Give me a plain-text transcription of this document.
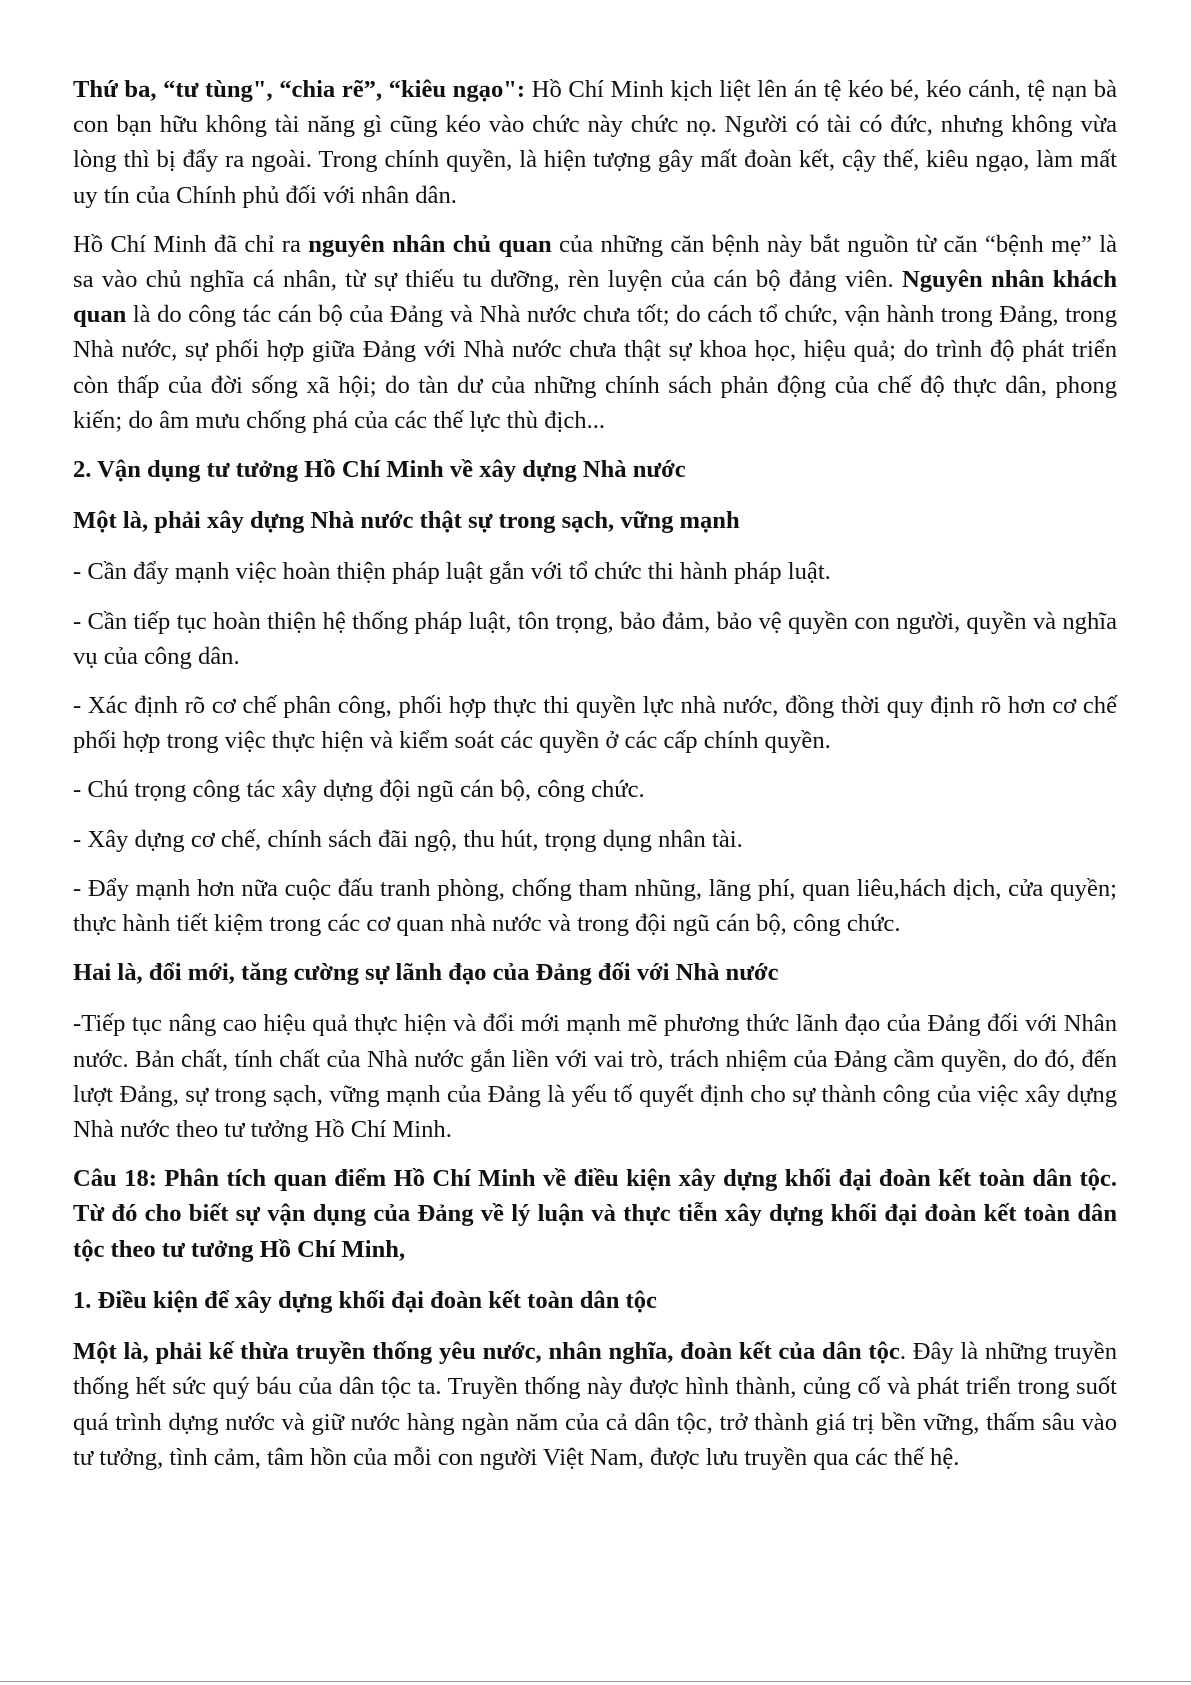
Thứ ba, “tư tùng", “chia rẽ”, “kiêu ngạo": Hồ Chí Minh kịch liệt lên án tệ kéo bé, kéo cánh, tệ nạn bà con bạn hữu không tài năng gì cũng kéo vào chức này chức nọ. Người có tài có đức, nhưng không vừa lòng thì bị đẩy ra ngoài. Trong chính quyền, là hiện tượng gây mất đoàn kết, cậy thế, kiêu ngạo, làm mất uy tín của Chính phủ đối với nhân dân.

Hồ Chí Minh đã chỉ ra nguyên nhân chủ quan của những căn bệnh này bắt nguồn từ căn “bệnh mẹ” là sa vào chủ nghĩa cá nhân, từ sự thiếu tu dưỡng, rèn luyện của cán bộ đảng viên. Nguyên nhân khách quan là do công tác cán bộ của Đảng và Nhà nước chưa tốt; do cách tổ chức, vận hành trong Đảng, trong Nhà nước, sự phối hợp giữa Đảng với Nhà nước chưa thật sự khoa học, hiệu quả; do trình độ phát triển còn thấp của đời sống xã hội; do tàn dư của những chính sách phản động của chế độ thực dân, phong kiến; do âm mưu chống phá của các thế lực thù địch...

2. Vận dụng tư tưởng Hồ Chí Minh về xây dựng Nhà nước

Một là, phải xây dựng Nhà nước thật sự trong sạch, vững mạnh

- Cần đẩy mạnh việc hoàn thiện pháp luật gắn với tổ chức thi hành pháp luật.

- Cần tiếp tục hoàn thiện hệ thống pháp luật, tôn trọng, bảo đảm, bảo vệ quyền con người, quyền và nghĩa vụ của công dân.

- Xác định rõ cơ chế phân công, phối hợp thực thi quyền lực nhà nước, đồng thời quy định rõ hơn cơ chế phối hợp trong việc thực hiện và kiểm soát các quyền ở các cấp chính quyền.

- Chú trọng công tác xây dựng đội ngũ cán bộ, công chức.

- Xây dựng cơ chế, chính sách đãi ngộ, thu hút, trọng dụng nhân tài.

- Đẩy mạnh hơn nữa cuộc đấu tranh phòng, chống tham nhũng, lãng phí, quan liêu,hách dịch, cửa quyền; thực hành tiết kiệm trong các cơ quan nhà nước và trong đội ngũ cán bộ, công chức.

Hai là, đổi mới, tăng cường sự lãnh đạo của Đảng đối với Nhà nước

-Tiếp tục nâng cao hiệu quả thực hiện và đổi mới mạnh mẽ phương thức lãnh đạo của Đảng đối với Nhân nước. Bản chất, tính chất của Nhà nước gắn liền với vai trò, trách nhiệm của Đảng cầm quyền, do đó, đến lượt Đảng, sự trong sạch, vững mạnh của Đảng là yếu tố quyết định cho sự thành công của việc xây dựng Nhà nước theo tư tưởng Hồ Chí Minh.

Câu 18: Phân tích quan điểm Hồ Chí Minh về điều kiện xây dựng khối đại đoàn kết toàn dân tộc. Từ đó cho biết sự vận dụng của Đảng về lý luận và thực tiễn xây dựng khối đại đoàn kết toàn dân tộc theo tư tưởng Hồ Chí Minh,

1. Điều kiện để xây dựng khối đại đoàn kết toàn dân tộc

Một là, phải kế thừa truyền thống yêu nước, nhân nghĩa, đoàn kết của dân tộc. Đây là những truyền thống hết sức quý báu của dân tộc ta. Truyền thống này được hình thành, củng cố và phát triển trong suốt quá trình dựng nước và giữ nước hàng ngàn năm của cả dân tộc, trở thành giá trị bền vững, thấm sâu vào tư tưởng, tình cảm, tâm hồn của mỗi con người Việt Nam, được lưu truyền qua các thế hệ.
